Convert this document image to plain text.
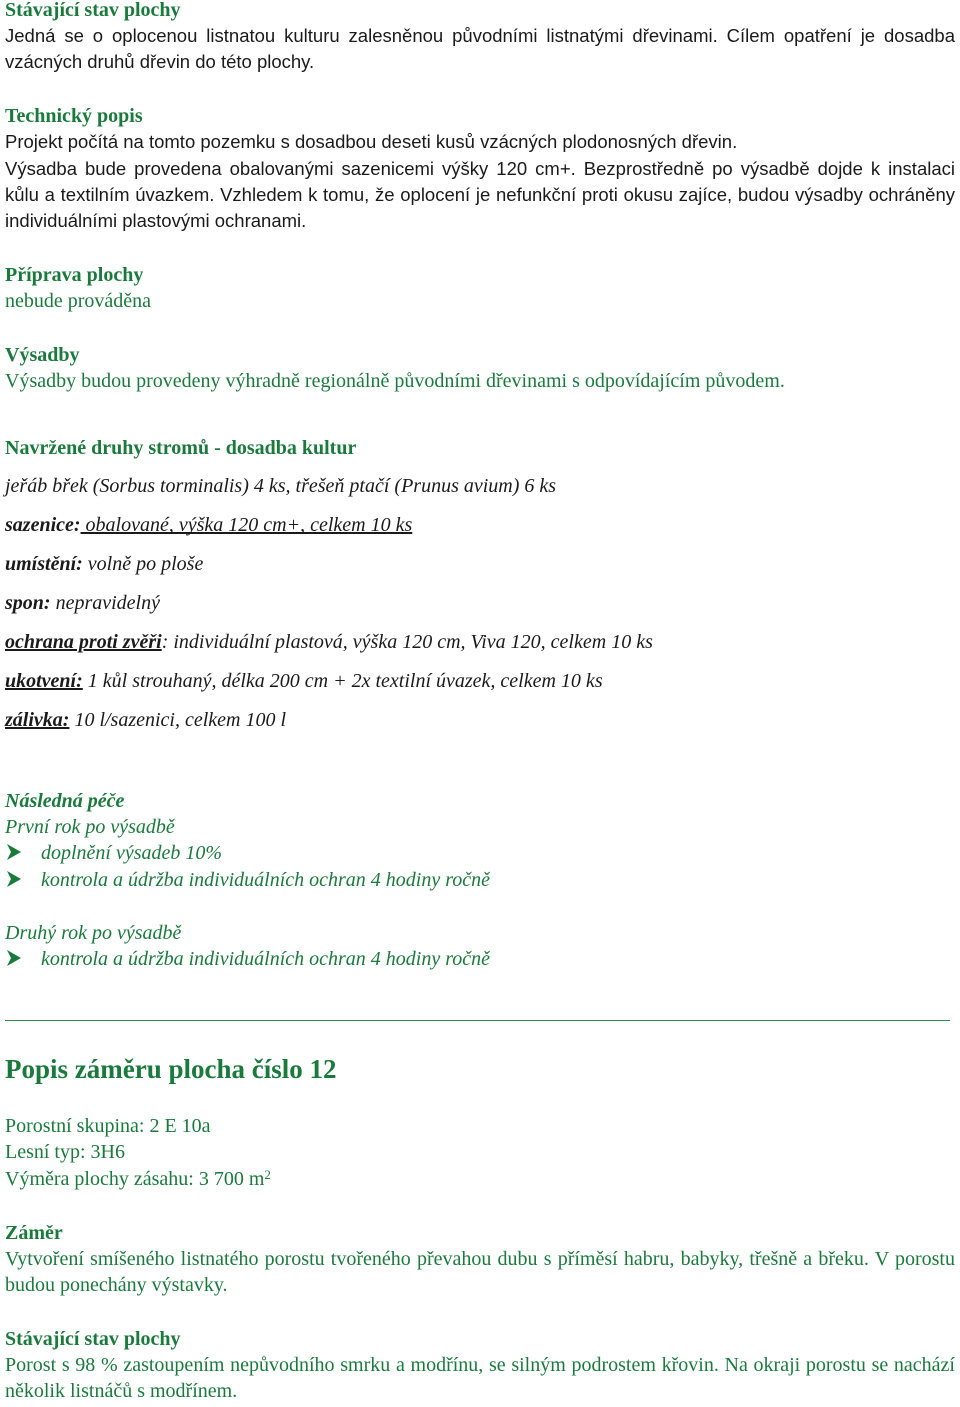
Stávající stav plochy
Jedná se o oplocenou listnatou kulturu zalesněnou původními listnatými dřevinami. Cílem opatření je dosadba vzácných druhů dřevin do této plochy.
Technický popis
Projekt počítá na tomto pozemku s dosadbou deseti kusů vzácných plodonosných dřevin.
Výsadba bude provedena obalovanými sazenicemi výšky 120 cm+. Bezprostředně po výsadbě dojde k instalaci kůlu a textilním úvazkem. Vzhledem k tomu, že oplocení je nefunkční proti okusu zajíce, budou výsadby ochráněny individuálními plastovými ochranami.
Příprava plochy
nebude prováděna
Výsadby
Výsadby budou provedeny výhradně regionálně původními dřevinami s odpovídajícím původem.
Navržené druhy stromů - dosadba kultur
jeřáb břek (Sorbus torminalis) 4 ks, třešeň ptačí (Prunus avium) 6 ks
sazenice: obalované, výška 120 cm+, celkem 10 ks
umístění: volně po ploše
spon: nepravidelný
ochrana proti zvěři: individuální plastová, výška 120 cm, Viva 120, celkem 10 ks
ukotvení: 1 kůl strouhaný, délka 200 cm + 2x textilní úvazek, celkem 10 ks
zálivka: 10 l/sazenici, celkem 100 l
Následná péče
První rok po výsadbě
doplnění výsadeb 10%
kontrola a údržba individuálních ochran 4 hodiny ročně
Druhý rok po výsadbě
kontrola a údržba individuálních ochran 4 hodiny ročně
Popis záměru plocha číslo 12
Porostní skupina: 2 E 10a
Lesní typ: 3H6
Výměra plochy zásahu: 3 700 $m^2$
Záměr
Vytvoření smíšeného listnatého porostu tvořeného převahou dubu s příměsí habru, babyky, třešně a břeku. V porostu budou ponechány výstavky.
Stávající stav plochy
Porost s 98 % zastoupením nepůvodního smrku a modřínu, se silným podrostem křovin. Na okraji porostu se nachází několik listnáčů s modřínem.
